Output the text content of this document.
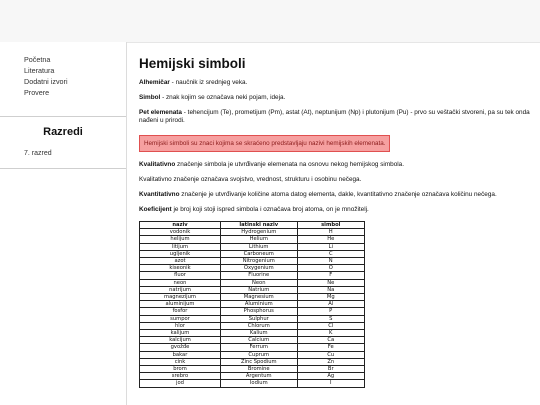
Početna
Literatura
Dodatni izvori
Provere
Razredi
7. razred
Hemijski simboli

Alhemičar - naučnik iz srednjeg veka.

Simbol - znak kojim se označava neki pojam, ideja.

Pet elemenata - tehencijum (Te), prometijum (Pm), astat (At), neptunijum (Np) i plutonijum (Pu) - prvo su veštački stvoreni, pa su tek onda nađeni u prirodi.

Hemijski simboli su znaci kojima se skraćeno predstavljaju nazivi hemijskih elemenata.

Kvalitativno značenje simbola je utvrđivanje elemenata na osnovu nekog hemijskog simbola.

Kvalitativno značenje označava svojstvo, vrednost, strukturu i osobinu nečega.

Kvantitativno značenje je utvrđivanje količine atoma datog elementa, dakle, kvantitativno značenje označava količinu nečega.

Koeficijent je broj koji stoji ispred simbola i označava broj atoma, on je množitelj.

naziv	latinski naziv	simbol
vodonik	Hydrogenium	H
helijum	Helium	He
litijum	Lithium	Li
ugljenik	Carboneum	C
azot	Nitrogenium	N
kiseonik	Oxygenium	O
fluor	Fluorine	F
neon	Neon	Ne
natrijum	Natrium	Na
magnezijum	Magnesium	Mg
aluminijum	Aluminium	Al
fosfor	Phosphorus	P
sumpor	Sulphur	S
hlor	Chlorum	Cl
kalijum	Kalium	K
kalcijum	Calcium	Ca
gvožđe	Ferrum	Fe
bakar	Cuprum	Cu
cink	Zinc Spodium	Zn
brom	Bromine	Br
srebro	Argentum	Ag
jod	Iodium	I
